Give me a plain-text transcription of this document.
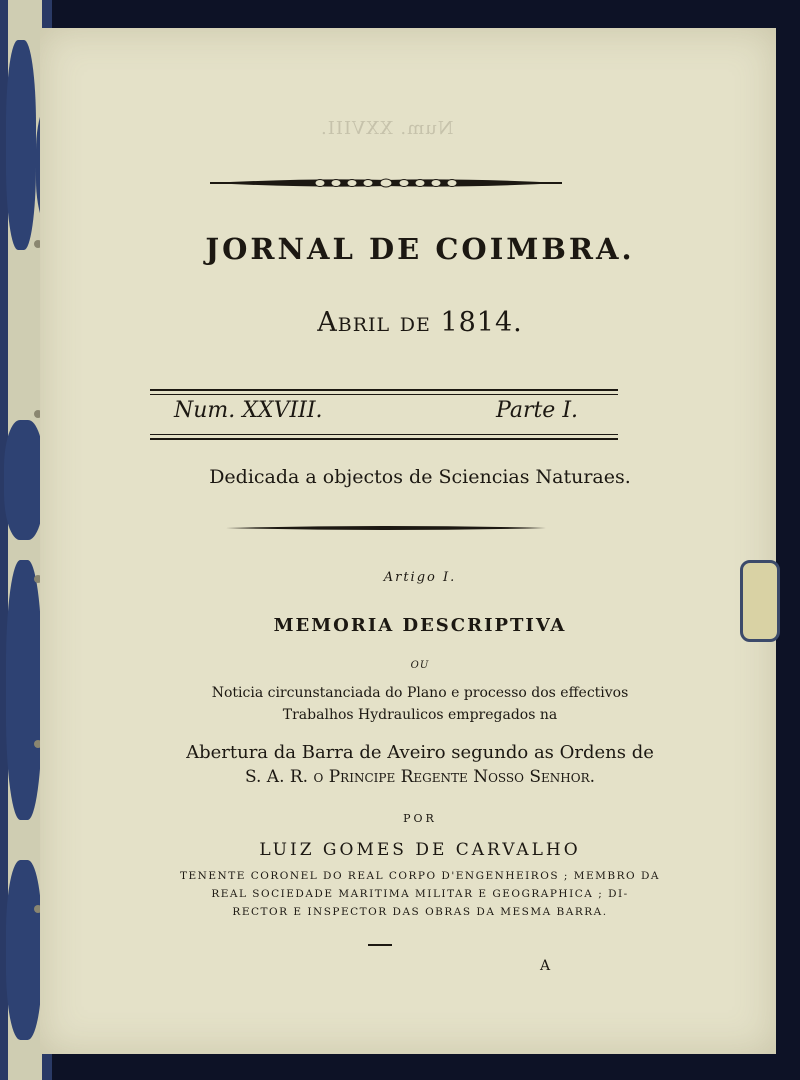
Num. XXVIII.
JORNAL DE COIMBRA.
Abril de 1814.
Num. XXVIII.	Parte I.
Dedicada a objectos de Sciencias Naturaes.
Artigo I.
MEMORIA DESCRIPTIVA
OU
Noticia circunstanciada do Plano e processo dos effectivos
Trabalhos Hydraulicos empregados na
Abertura da Barra de Aveiro segundo as Ordens de
S. A. R. o Principe Regente Nosso Senhor.
POR
LUIZ GOMES DE CARVALHO
TENENTE CORONEL DO REAL CORPO D'ENGENHEIROS ; MEMBRO DA
REAL SOCIEDADE MARITIMA MILITAR E GEOGRAPHICA ; DI-
RECTOR E INSPECTOR DAS OBRAS DA MESMA BARRA.
A
